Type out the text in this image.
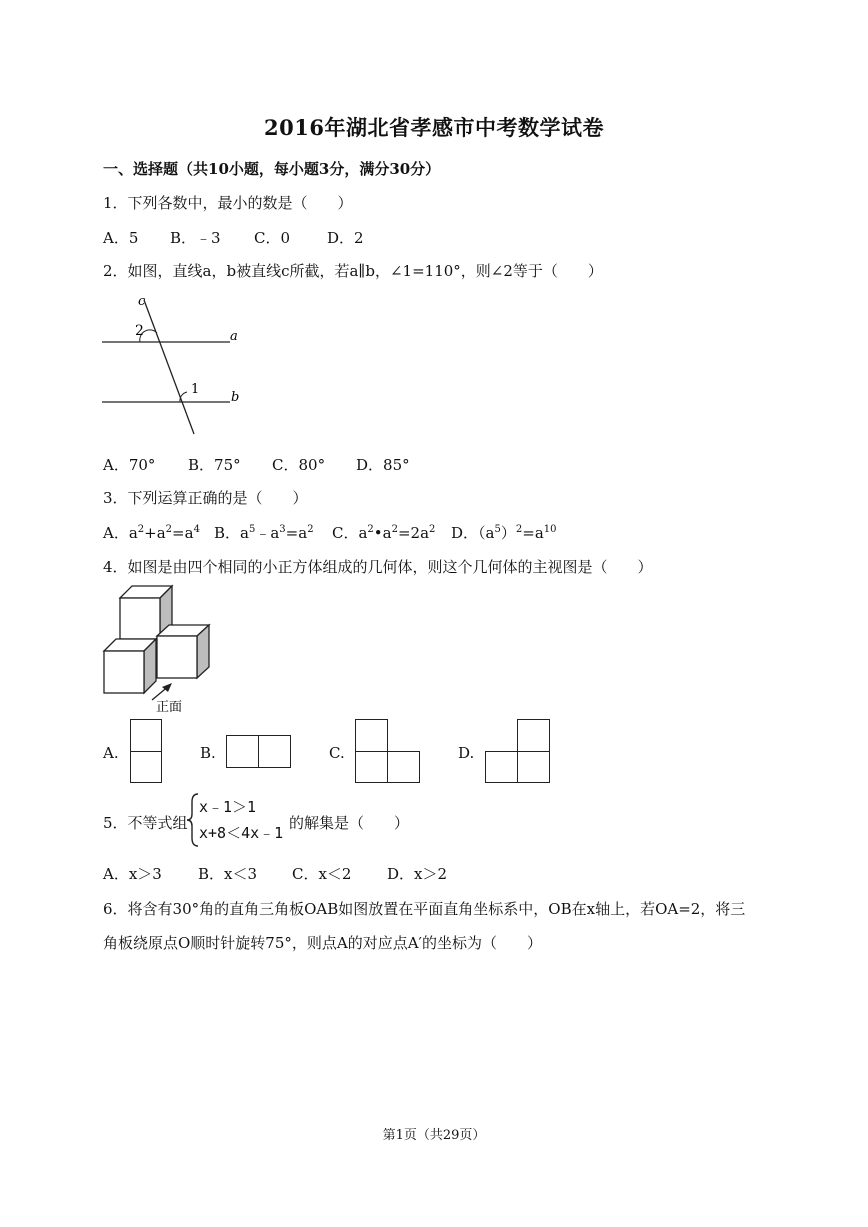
2016年湖北省孝感市中考数学试卷
一、选择题（共10小题，每小题3分，满分30分）
1．下列各数中，最小的数是（　　）
A．5 B．﹣3 C．0 D．2
2．如图，直线a，b被直线c所截，若a∥b，∠1=110°，则∠2等于（　　）
c
2	a
1
b
A．70° B．75° C．80° D．85°
3．下列运算正确的是（　　）
A．$a^2+a^2=a^4$ B．$a^5﹣a^3=a^2$ C．$a^2•a^2=2a^2$ D．$(a^5)^2=a^{10}$
4．如图是由四个相同的小正方体组成的几何体，则这个几何体的主视图是（　　）
正面
A.	B.	C.	D.
5．不等式组
x﹣1＞1
x+8＜4x﹣1
的解集是（　　）
A．x＞3 B．x＜3 C．x＜2 D．x＞2
6．将含有30°角的直角三角板OAB如图放置在平面直角坐标系中，OB在x轴上，若OA=2，将三
角板绕原点O顺时针旋转75°，则点A的对应点A′的坐标为（　　）
第1页（共29页）
